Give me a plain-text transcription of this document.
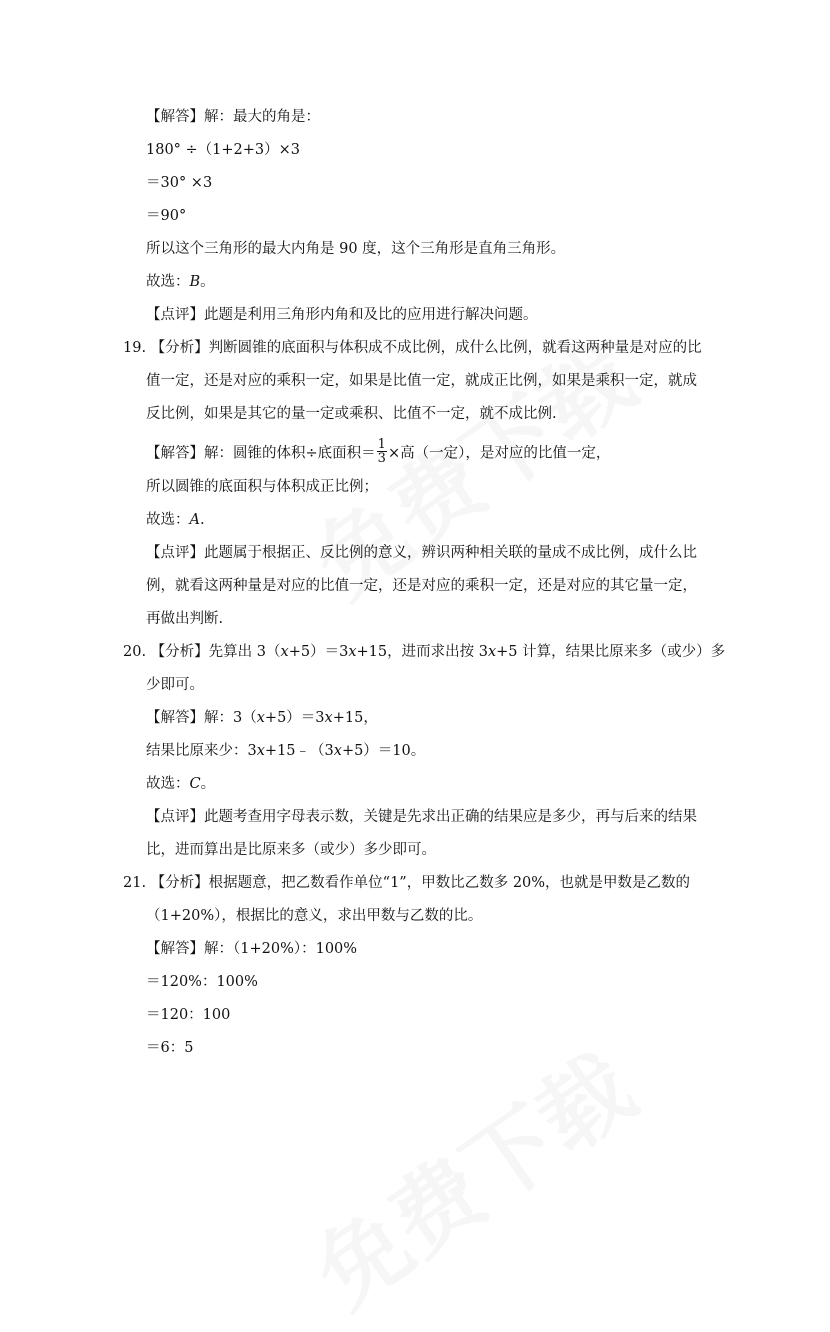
【解答】解：最大的角是：
180° ÷（1+2+3）×3
＝30° ×3
＝90°
所以这个三角形的最大内角是 90 度，这个三角形是直角三角形。
故选：B。
【点评】此题是利用三角形内角和及比的应用进行解决问题。
19. 【分析】判断圆锥的底面积与体积成不成比例，成什么比例，就看这两种量是对应的比
值一定，还是对应的乘积一定，如果是比值一定，就成正比例，如果是乘积一定，就成
反比例，如果是其它的量一定或乘积、比值不一定，就不成比例.
【解答】解：圆锥的体积÷底面积＝ $\frac{1}{3}$ ×高（一定），是对应的比值一定，
所以圆锥的底面积与体积成正比例；
故选：A.
【点评】此题属于根据正、反比例的意义，辨识两种相关联的量成不成比例，成什么比
例，就看这两种量是对应的比值一定，还是对应的乘积一定，还是对应的其它量一定，
再做出判断.
20. 【分析】先算出 3（x+5）＝3x+15，进而求出按 3x+5 计算，结果比原来多（或少）多
少即可。
【解答】解：3（x+5）＝3x+15，
结果比原来少：3x+15﹣（3x+5）＝10。
故选：C。
【点评】此题考查用字母表示数，关键是先求出正确的结果应是多少，再与后来的结果
比，进而算出是比原来多（或少）多少即可。
21. 【分析】根据题意，把乙数看作单位“1”，甲数比乙数多 20%，也就是甲数是乙数的
（1+20%），根据比的意义，求出甲数与乙数的比。
【解答】解：（1+20%）：100%
＝120%：100%
＝120：100
＝6：5
